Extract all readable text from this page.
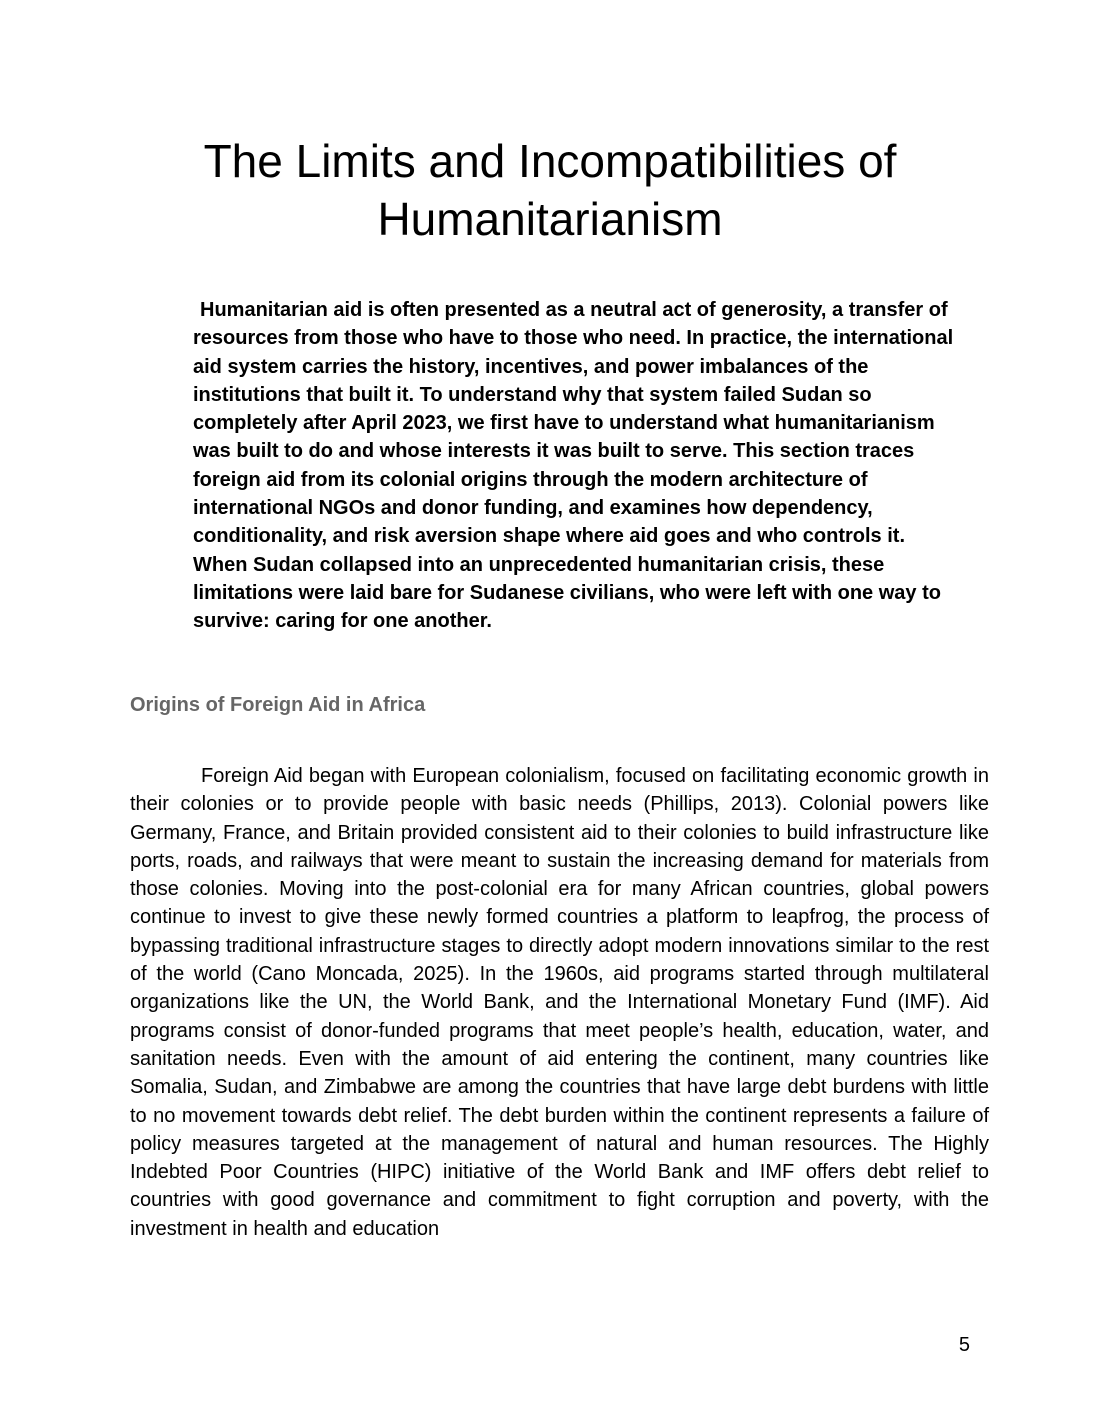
The Limits and Incompatibilities of Humanitarianism

Humanitarian aid is often presented as a neutral act of generosity, a transfer of resources from those who have to those who need. In practice, the international aid system carries the history, incentives, and power imbalances of the institutions that built it. To understand why that system failed Sudan so completely after April 2023, we first have to understand what humanitarianism was built to do and whose interests it was built to serve. This section traces foreign aid from its colonial origins through the modern architecture of international NGOs and donor funding, and examines how dependency, conditionality, and risk aversion shape where aid goes and who controls it. When Sudan collapsed into an unprecedented humanitarian crisis, these limitations were laid bare for Sudanese civilians, who were left with one way to survive: caring for one another.

Origins of Foreign Aid in Africa

Foreign Aid began with European colonialism, focused on facilitating economic growth in their colonies or to provide people with basic needs (Phillips, 2013). Colonial powers like Germany, France, and Britain provided consistent aid to their colonies to build infrastructure like ports, roads, and railways that were meant to sustain the increasing demand for materials from those colonies. Moving into the post-colonial era for many African countries, global powers continue to invest to give these newly formed countries a platform to leapfrog, the process of bypassing traditional infrastructure stages to directly adopt modern innovations similar to the rest of the world (Cano Moncada, 2025). In the 1960s, aid programs started through multilateral organizations like the UN, the World Bank, and the International Monetary Fund (IMF). Aid programs consist of donor-funded programs that meet people’s health, education, water, and sanitation needs. Even with the amount of aid entering the continent, many countries like Somalia, Sudan, and Zimbabwe are among the countries that have large debt burdens with little to no movement towards debt relief. The debt burden within the continent represents a failure of policy measures targeted at the management of natural and human resources. The Highly Indebted Poor Countries (HIPC) initiative of the World Bank and IMF offers debt relief to countries with good governance and commitment to fight corruption and poverty, with the investment in health and education

5
